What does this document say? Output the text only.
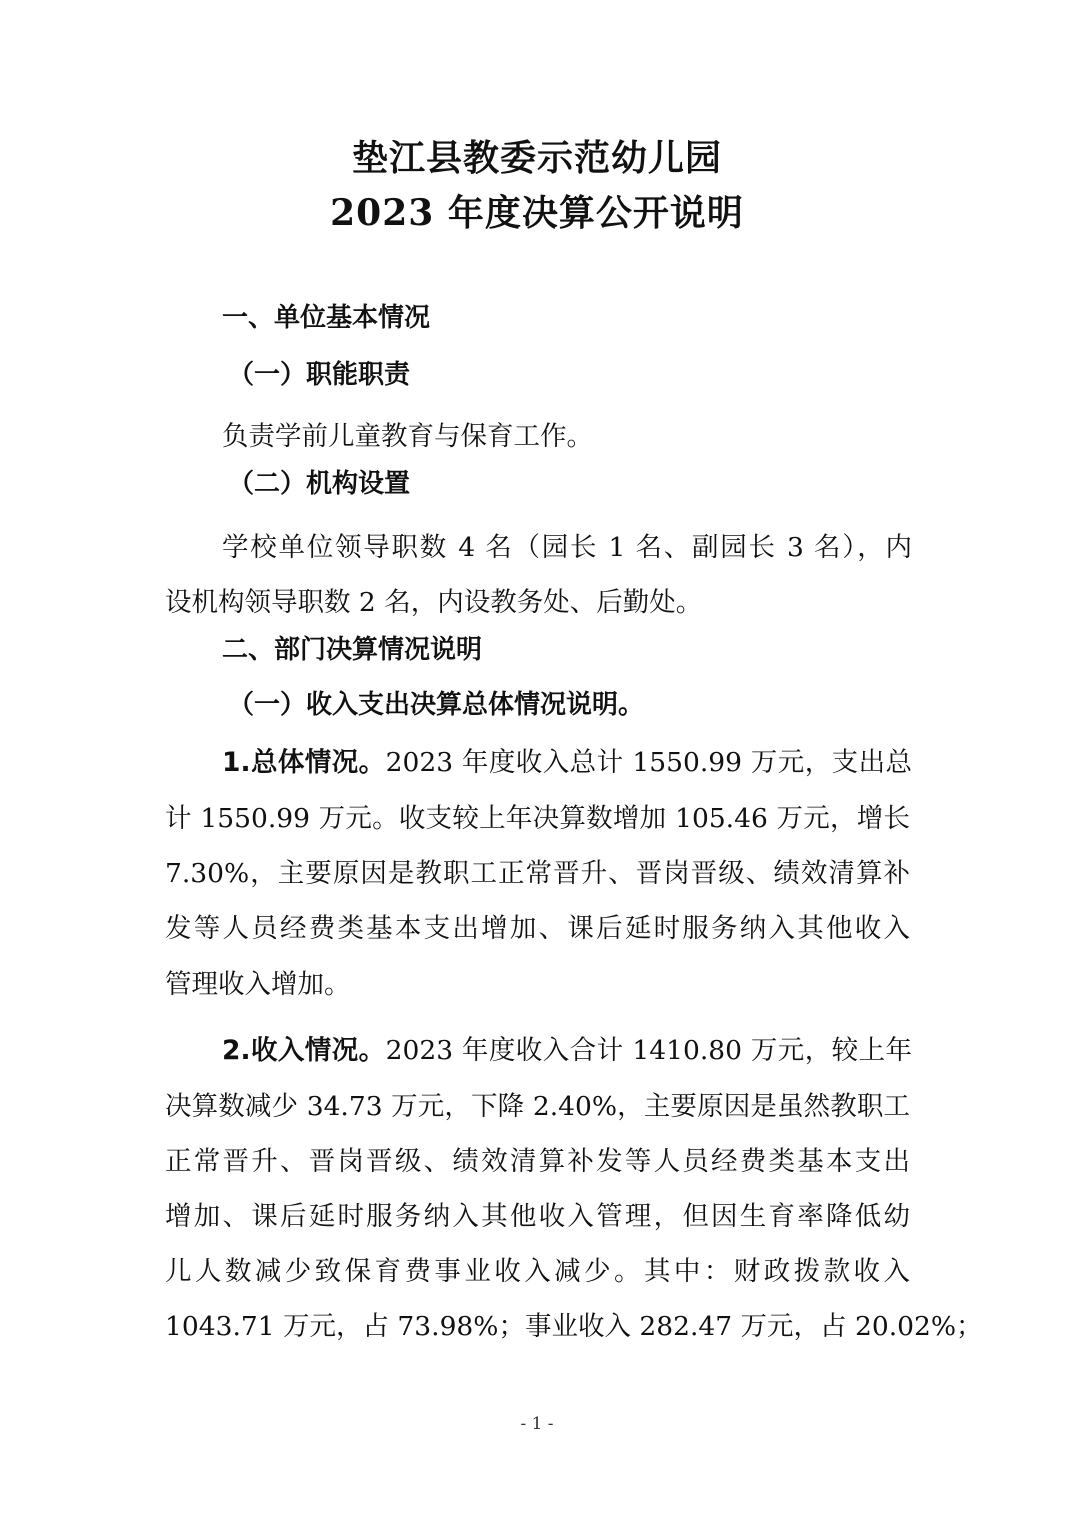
垫江县教委示范幼儿园
2023 年度决算公开说明
一、单位基本情况
（一）职能职责
负责学前儿童教育与保育工作。
（二）机构设置
学校单位领导职数 4 名（园长 1 名、副园长 3 名），内
设机构领导职数 2 名，内设教务处、后勤处。
二、部门决算情况说明
（一）收入支出决算总体情况说明。
1.总体情况。2023 年度收入总计 1550.99 万元，支出总
计 1550.99 万元。收支较上年决算数增加 105.46 万元，增长
7.30%，主要原因是教职工正常晋升、晋岗晋级、绩效清算补
发等人员经费类基本支出增加、课后延时服务纳入其他收入
管理收入增加。
2.收入情况。2023 年度收入合计 1410.80 万元，较上年
决算数减少 34.73 万元，下降 2.40%，主要原因是虽然教职工
正常晋升、晋岗晋级、绩效清算补发等人员经费类基本支出
增加、课后延时服务纳入其他收入管理，但因生育率降低幼
儿人数减少致保育费事业收入减少。其中：财政拨款收入
1043.71 万元，占 73.98%；事业收入 282.47 万元，占 20.02%；
- 1 -
